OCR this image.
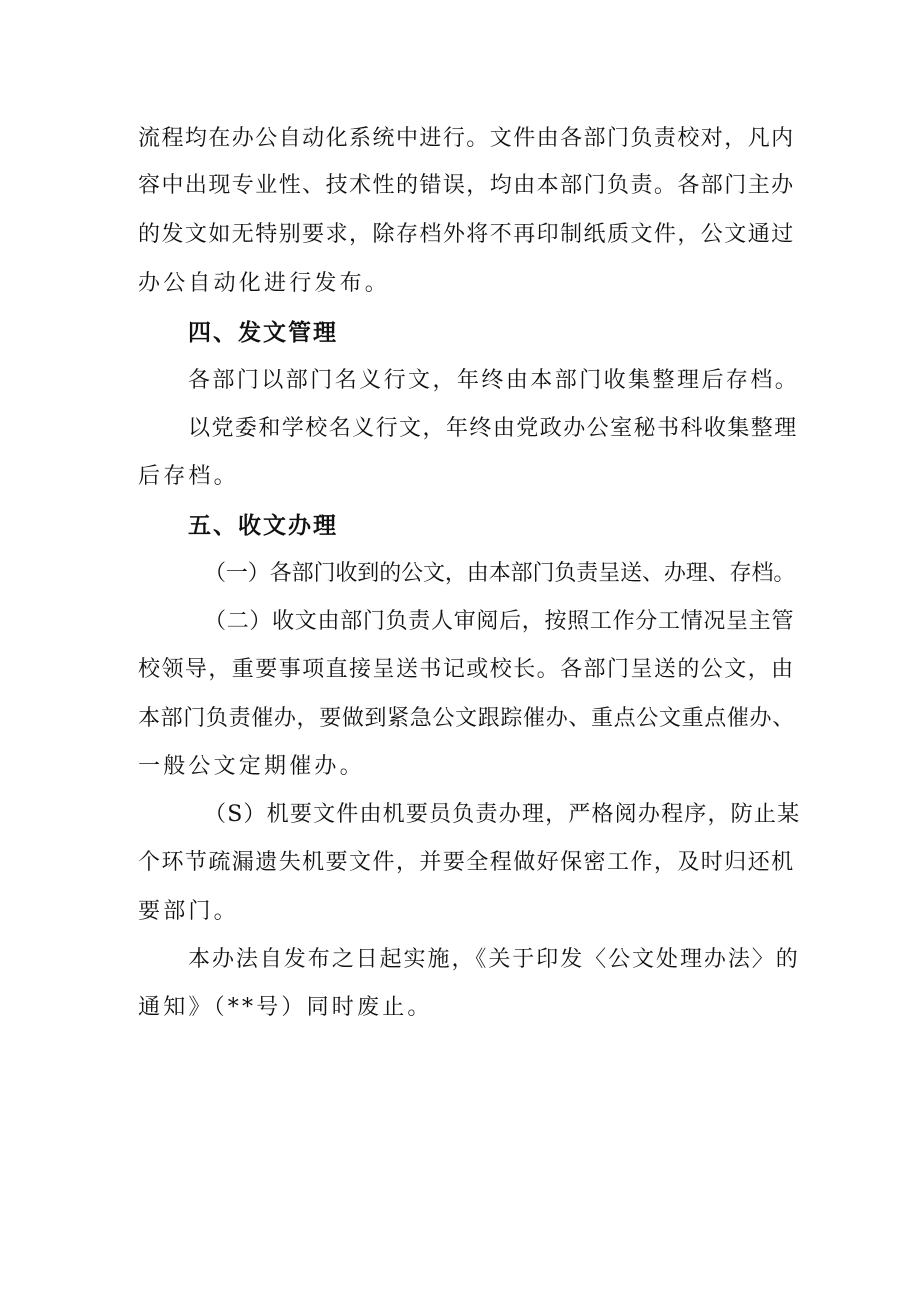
流程均在办公自动化系统中进行。文件由各部门负责校对，凡内
容中出现专业性、技术性的错误，均由本部门负责。各部门主办
的发文如无特别要求，除存档外将不再印制纸质文件，公文通过
办公自动化进行发布。
四、发文管理
各部门以部门名义行文，年终由本部门收集整理后存档。
以党委和学校名义行文，年终由党政办公室秘书科收集整理
后存档。
五、收文办理
（一）各部门收到的公文，由本部门负责呈送、办理、存档。
（二）收文由部门负责人审阅后，按照工作分工情况呈主管
校领导，重要事项直接呈送书记或校长。各部门呈送的公文，由
本部门负责催办，要做到紧急公文跟踪催办、重点公文重点催办、
一般公文定期催办。
（S）机要文件由机要员负责办理，严格阅办程序，防止某
个环节疏漏遗失机要文件，并要全程做好保密工作，及时归还机
要部门。
本办法自发布之日起实施，《关于印发〈公文处理办法〉的
通知》（**号）同时废止。
